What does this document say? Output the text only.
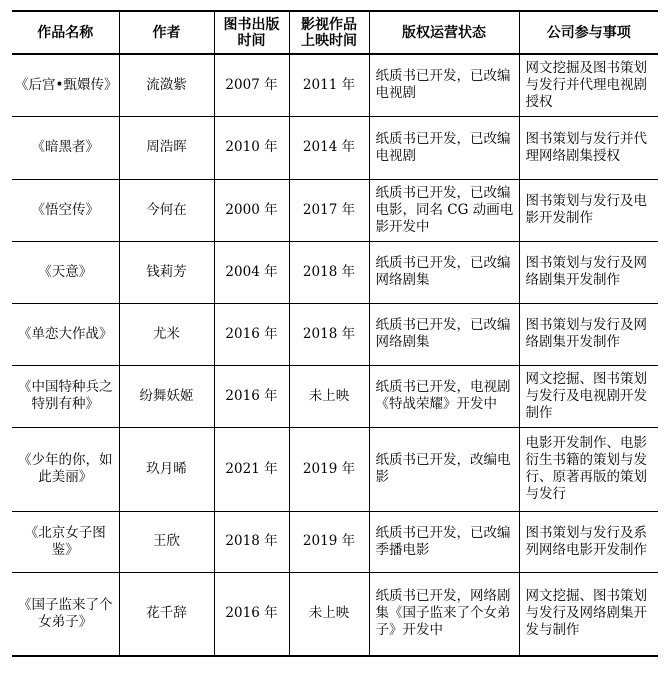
作品名称	作者	图书出版时间	影视作品上映时间	版权运营状态	公司参与事项
《后宫•甄嬛传》	流潋紫	2007 年	2011 年	纸质书已开发，已改编电视剧	网文挖掘及图书策划与发行并代理电视剧授权
《暗黑者》	周浩晖	2010 年	2014 年	纸质书已开发，已改编电视剧	图书策划与发行并代理网络剧集授权
《悟空传》	今何在	2000 年	2017 年	纸质书已开发，已改编电影，同名 CG 动画电影开发中	图书策划与发行及电影开发制作
《天意》	钱莉芳	2004 年	2018 年	纸质书已开发，已改编网络剧集	图书策划与发行及网络剧集开发制作
《单恋大作战》	尤米	2016 年	2018 年	纸质书已开发，已改编网络剧集	图书策划与发行及网络剧集开发制作
《中国特种兵之特别有种》	纷舞妖姬	2016 年	未上映	纸质书已开发，电视剧《特战荣耀》开发中	网文挖掘、图书策划与发行及电视剧开发制作
《少年的你，如此美丽》	玖月晞	2021 年	2019 年	纸质书已开发，改编电影	电影开发制作、电影衍生书籍的策划与发行、原著再版的策划与发行
《北京女子图鉴》	王欣	2018 年	2019 年	纸质书已开发，已改编季播电影	图书策划与发行及系列网络电影开发制作
《国子监来了个女弟子》	花千辞	2016 年	未上映	纸质书已开发，网络剧集《国子监来了个女弟子》开发中	网文挖掘、图书策划与发行及网络剧集开发与制作
